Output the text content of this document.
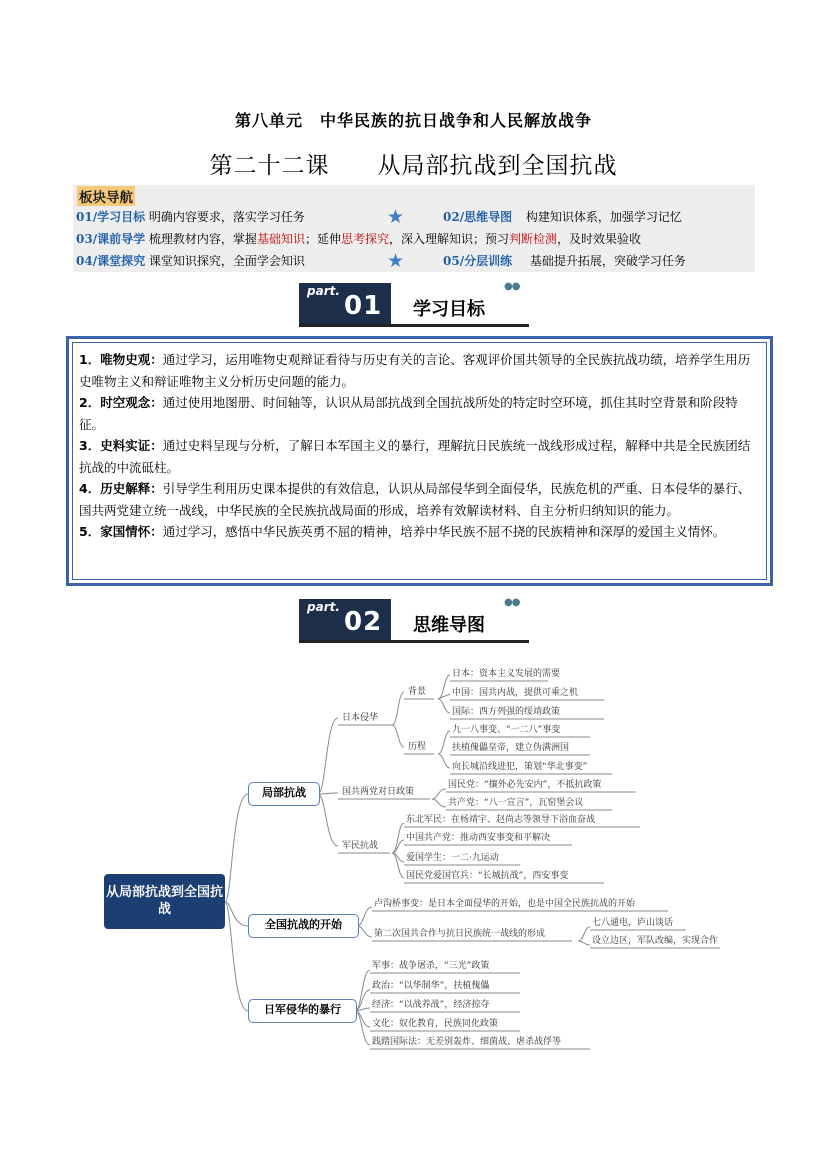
第八单元　中华民族的抗日战争和人民解放战争
第二十二课　　从局部抗战到全国抗战
板块导航
01/学习目标 明确内容要求，落实学习任务	★	02/思维导图 构建知识体系，加强学习记忆
03/课前导学 梳理教材内容，掌握基础知识；延伸思考探究，深入理解知识；预习判断检测，及时效果验收
04/课堂探究 课堂知识探究，全面学会知识	★	05/分层训练 基础提升拓展，突破学习任务
part. 01 学习目标
●●
1．唯物史观：通过学习，运用唯物史观辩证看待与历史有关的言论、客观评价国共领导的全民族抗战功绩，培养学生用历史唯物主义和辩证唯物主义分析历史问题的能力。
2．时空观念：通过使用地图册、时间轴等，认识从局部抗战到全国抗战所处的特定时空环境，抓住其时空背景和阶段特征。
3．史料实证：通过史料呈现与分析，了解日本军国主义的暴行，理解抗日民族统一战线形成过程，解释中共是全民族团结抗战的中流砥柱。
4．历史解释：引导学生利用历史课本提供的有效信息，认识从局部侵华到全面侵华，民族危机的严重、日本侵华的暴行、国共两党建立统一战线，中华民族的全民族抗战局面的形成，培养有效解读材料、自主分析归纳知识的能力。
5．家国情怀：通过学习，感悟中华民族英勇不屈的精神，培养中华民族不屈不挠的民族精神和深厚的爱国主义情怀。
part. 02 思维导图
●●
从局部抗战到全国抗战
局部抗战
全国抗战的开始
日军侵华的暴行
日本侵华
背景
日本：资本主义发展的需要
中国：国共内战，提供可乘之机
国际：西方列强的绥靖政策
历程
九一八事变、“一二八”事变
扶植傀儡皇帝，建立伪满洲国
向长城沿线进犯，策划“华北事变”
国共两党对日政策
国民党：“攘外必先安内”，不抵抗政策
共产党：“八一宣言”，瓦窑堡会议
军民抗战
东北军民：在杨靖宇、赵尚志等领导下浴血奋战
中国共产党：推动西安事变和平解决
爱国学生：一二·九运动
国民党爱国官兵：“长城抗战”，西安事变
卢沟桥事变：是日本全面侵华的开始，也是中国全民族抗战的开始
第二次国共合作与抗日民族统一战线的形成
七八通电，庐山谈话
设立边区，军队改编，实现合作
军事：战争屠杀，“三光”政策
政治：“以华制华”，扶植傀儡
经济：“以战养战”，经济掠夺
文化：奴化教育，民族同化政策
践踏国际法：无差别轰炸、细菌战、虐杀战俘等
